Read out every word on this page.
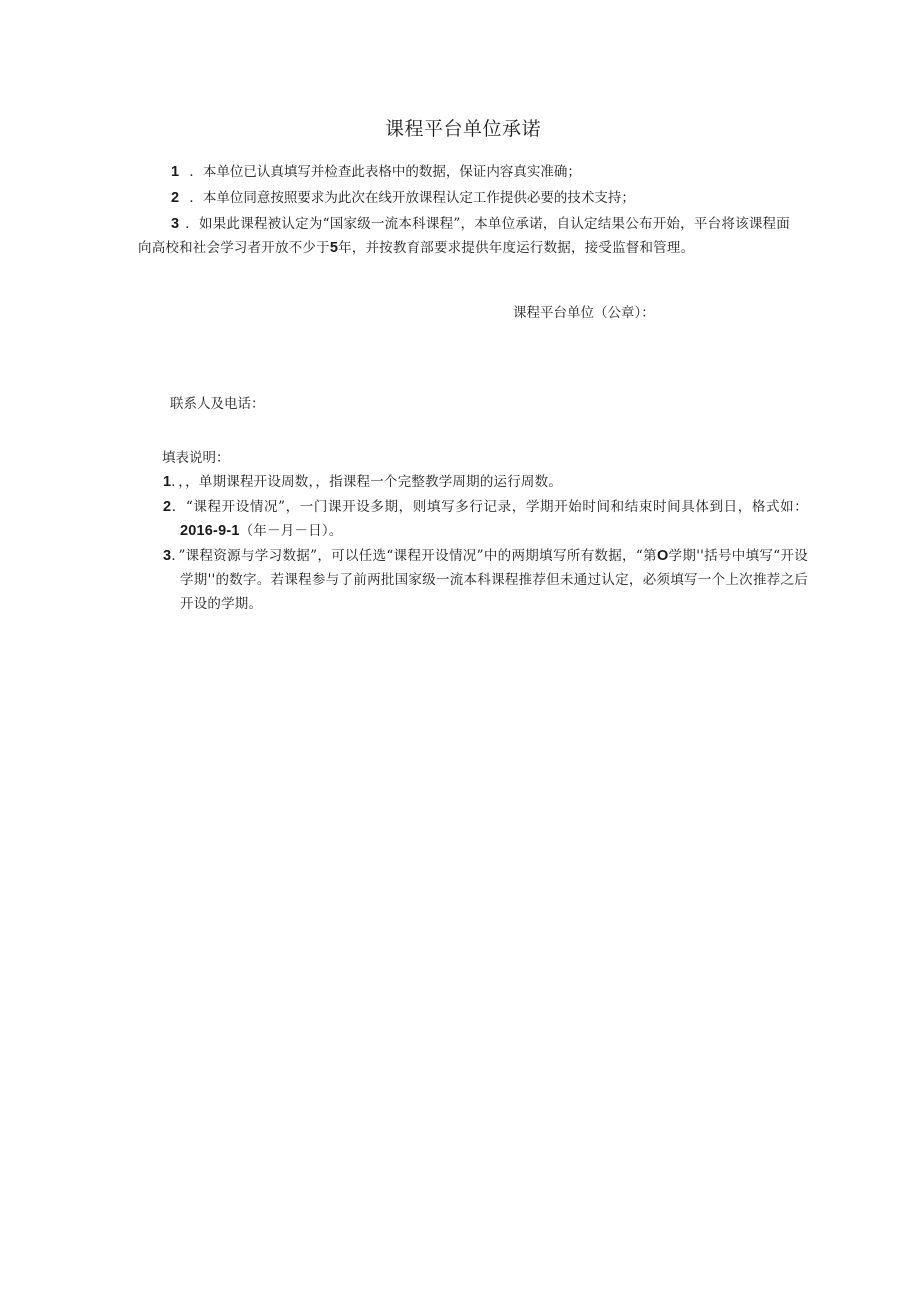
课程平台单位承诺
1 ．本单位已认真填写并检查此表格中的数据，保证内容真实准确；
2 ．本单位同意按照要求为此次在线开放课程认定工作提供必要的技术支持；
3 ．如果此课程被认定为“国家级一流本科课程”，本单位承诺，自认定结果公布开始，平台将该课程面向高校和社会学习者开放不少于5年，并按教育部要求提供年度运行数据，接受监督和管理。
课程平台单位（公章）：
联系人及电话：
填表说明：
1．，，单期课程开设周数，，指课程一个完整教学周期的运行周数。
2．“课程开设情况”，一门课开设多期，则填写多行记录，学期开始时间和结束时间具体到日，格式如：2016-9-1（年－月－日）。
3．”课程资源与学习数据”，可以任选“课程开设情况”中的两期填写所有数据，“第O学期''括号中填写“开设学期''的数字。若课程参与了前两批国家级一流本科课程推荐但未通过认定，必须填写一个上次推荐之后开设的学期。
